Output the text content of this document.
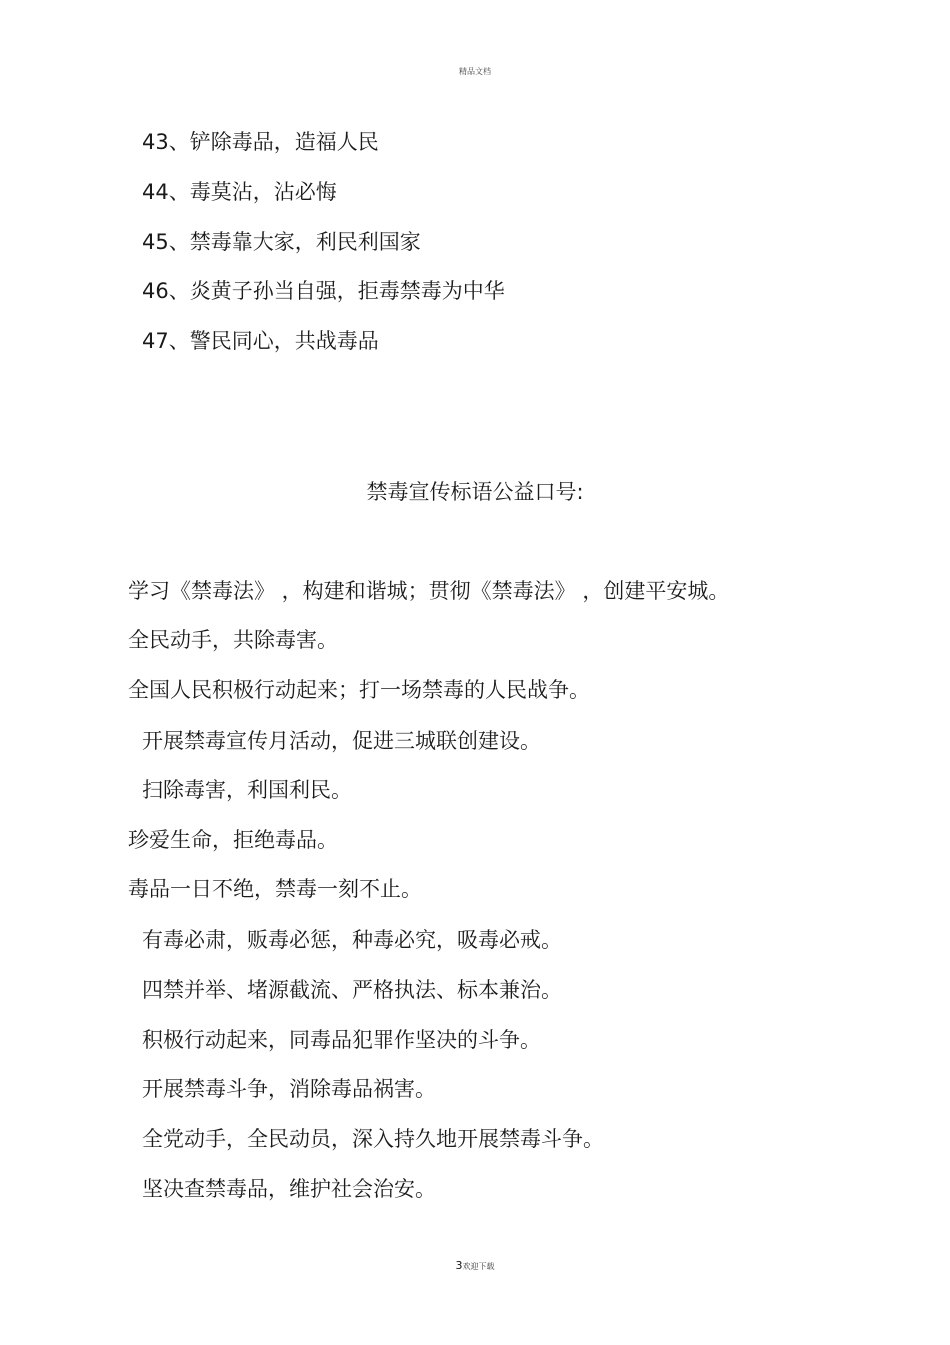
精品文档
43、铲除毒品，造福人民
44、毒莫沾，沾必悔
45、禁毒靠大家，利民利国家
46、炎黄子孙当自强，拒毒禁毒为中华
47、警民同心，共战毒品
禁毒宣传标语公益口号:
学习《禁毒法》 ，构建和谐城；贯彻《禁毒法》 ，创建平安城。
全民动手，共除毒害。
全国人民积极行动起来；打一场禁毒的人民战争。
开展禁毒宣传月活动，促进三城联创建设。
扫除毒害，利国利民。
珍爱生命，拒绝毒品。
毒品一日不绝，禁毒一刻不止。
有毒必肃，贩毒必惩，种毒必究，吸毒必戒。
四禁并举、堵源截流、严格执法、标本兼治。
积极行动起来，同毒品犯罪作坚决的斗争。
开展禁毒斗争，消除毒品祸害。
全党动手，全民动员，深入持久地开展禁毒斗争。
坚决查禁毒品，维护社会治安。
3欢迎下载
